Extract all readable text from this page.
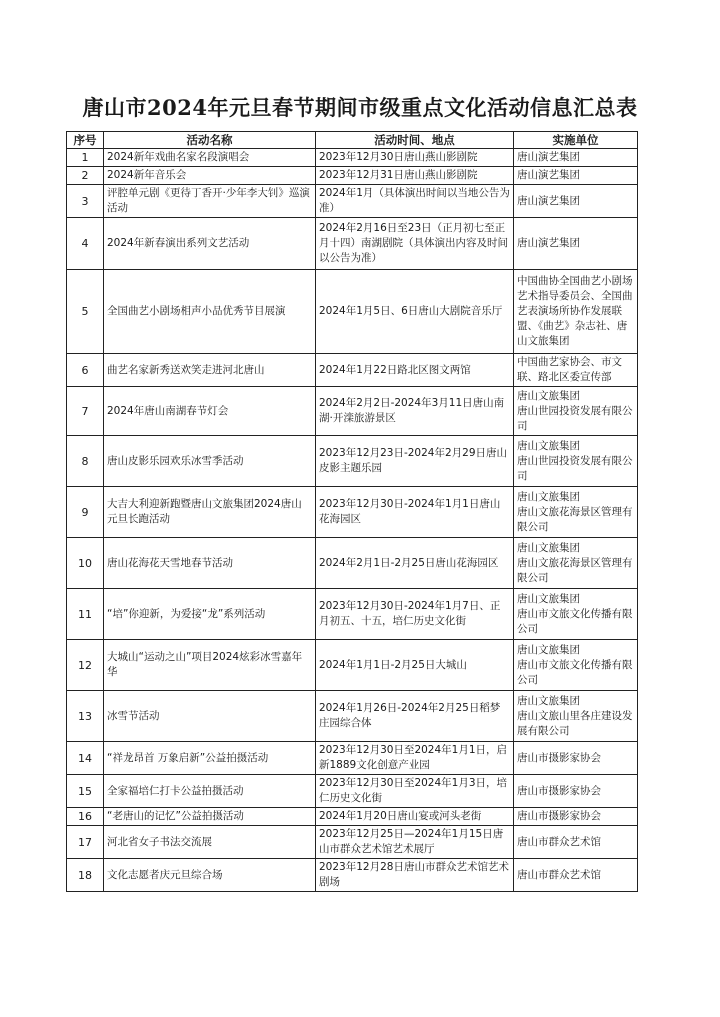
唐山市2024年元旦春节期间市级重点文化活动信息汇总表
序号	活动名称	活动时间、地点	实施单位
1	2024新年戏曲名家名段演唱会	2023年12月30日唐山燕山影剧院	唐山演艺集团
2	2024新年音乐会	2023年12月31日唐山燕山影剧院	唐山演艺集团
3	评腔单元剧《更待丁香开·少年李大钊》巡演活动	2024年1月（具体演出时间以当地公告为准）	唐山演艺集团
4	2024年新春演出系列文艺活动	2024年2月16日至23日（正月初七至正月十四）南湖剧院（具体演出内容及时间以公告为准）	唐山演艺集团
5	全国曲艺小剧场相声小品优秀节目展演	2024年1月5日、6日唐山大剧院音乐厅	中国曲协全国曲艺小剧场艺术指导委员会、全国曲艺表演场所协作发展联盟、《曲艺》杂志社、唐山文旅集团
6	曲艺名家新秀送欢笑走进河北唐山	2024年1月22日路北区图文两馆	中国曲艺家协会、市文联、路北区委宣传部
7	2024年唐山南湖春节灯会	2024年2月2日-2024年3月11日唐山南湖·开滦旅游景区	唐山文旅集团
唐山世园投资发展有限公司
8	唐山皮影乐园欢乐冰雪季活动	2023年12月23日-2024年2月29日唐山皮影主题乐园	唐山文旅集团
唐山世园投资发展有限公司
9	大吉大利迎新跑暨唐山文旅集团2024唐山元旦长跑活动	2023年12月30日-2024年1月1日唐山花海园区	唐山文旅集团
唐山文旅花海景区管理有限公司
10	唐山花海花天雪地春节活动	2024年2月1日-2月25日唐山花海园区	唐山文旅集团
唐山文旅花海景区管理有限公司
11	“培”你迎新，为爱接“龙”系列活动	2023年12月30日-2024年1月7日、正月初五、十五，培仁历史文化街	唐山文旅集团
唐山市文旅文化传播有限公司
12	大城山“运动之山”项目2024炫彩冰雪嘉年华	2024年1月1日-2月25日大城山	唐山文旅集团
唐山市文旅文化传播有限公司
13	冰雪节活动	2024年1月26日-2024年2月25日稻梦庄园综合体	唐山文旅集团
唐山文旅山里各庄建设发展有限公司
14	“祥龙昂首 万象启新”公益拍摄活动	2023年12月30日至2024年1月1日，启新1889文化创意产业园	唐山市摄影家协会
15	全家福培仁打卡公益拍摄活动	2023年12月30日至2024年1月3日，培仁历史文化街	唐山市摄影家协会
16	“老唐山的记忆”公益拍摄活动	2024年1月20日唐山宴或河头老街	唐山市摄影家协会
17	河北省女子书法交流展	2023年12月25日—2024年1月15日唐山市群众艺术馆艺术展厅	唐山市群众艺术馆
18	文化志愿者庆元旦综合场	2023年12月28日唐山市群众艺术馆艺术剧场	唐山市群众艺术馆
